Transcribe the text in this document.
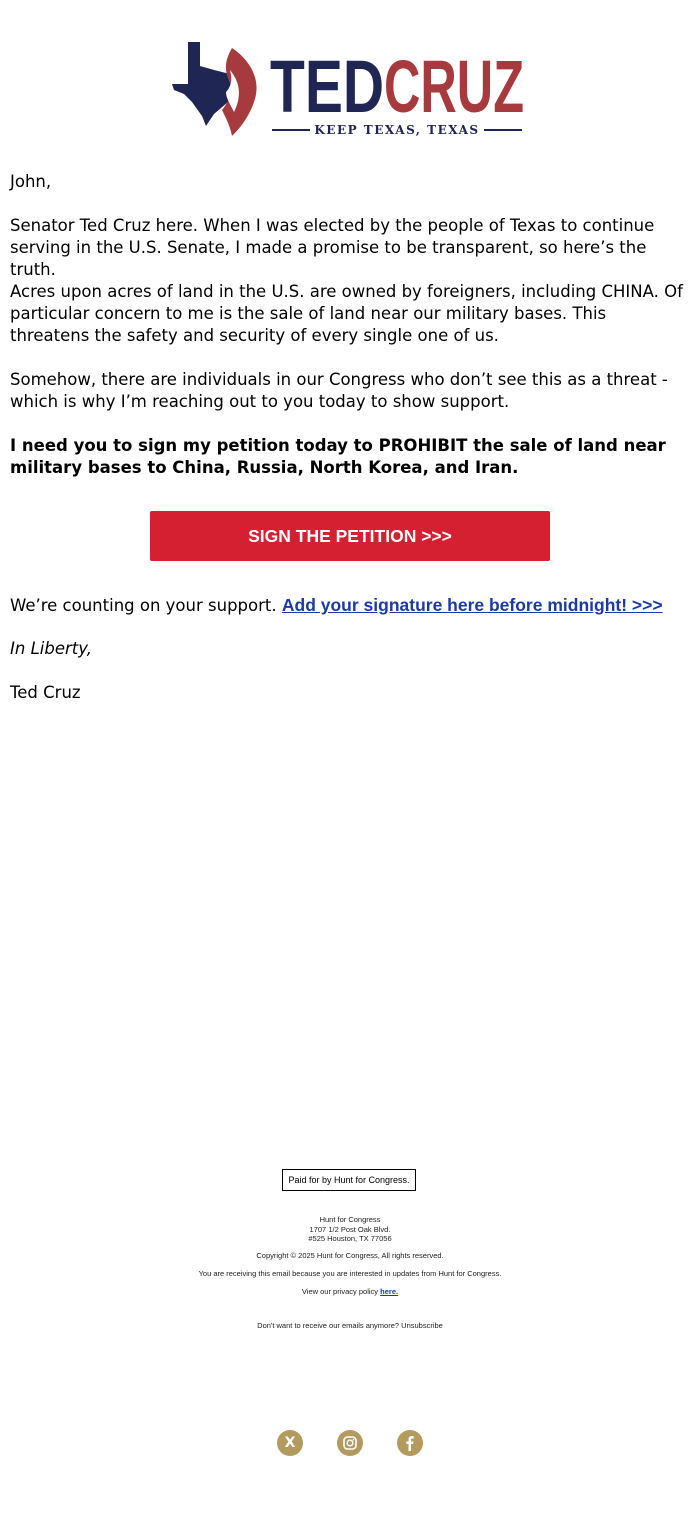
TED CRUZ
KEEP TEXAS, TEXAS

John,

Senator Ted Cruz here. When I was elected by the people of Texas to continue serving in the U.S. Senate, I made a promise to be transparent, so here’s the truth.

Acres upon acres of land in the U.S. are owned by foreigners, including CHINA. Of particular concern to me is the sale of land near our military bases. This threatens the safety and security of every single one of us.

Somehow, there are individuals in our Congress who don’t see this as a threat - which is why I’m reaching out to you today to show support.

I need you to sign my petition today to PROHIBIT the sale of land near military bases to China, Russia, North Korea, and Iran.

SIGN THE PETITION >>>
We’re counting on your support. Add your signature here before midnight! >>>

In Liberty,

Ted Cruz

Paid for by Hunt for Congress.
Hunt for Congress
1707 1/2 Post Oak Blvd.
#525 Houston, TX 77056
Copyright © 2025 Hunt for Congress, All rights reserved.
You are receiving this email because you are interested in updates from Hunt for Congress.
View our privacy policy here.
Don't want to receive our emails anymore? Unsubscribe
X
